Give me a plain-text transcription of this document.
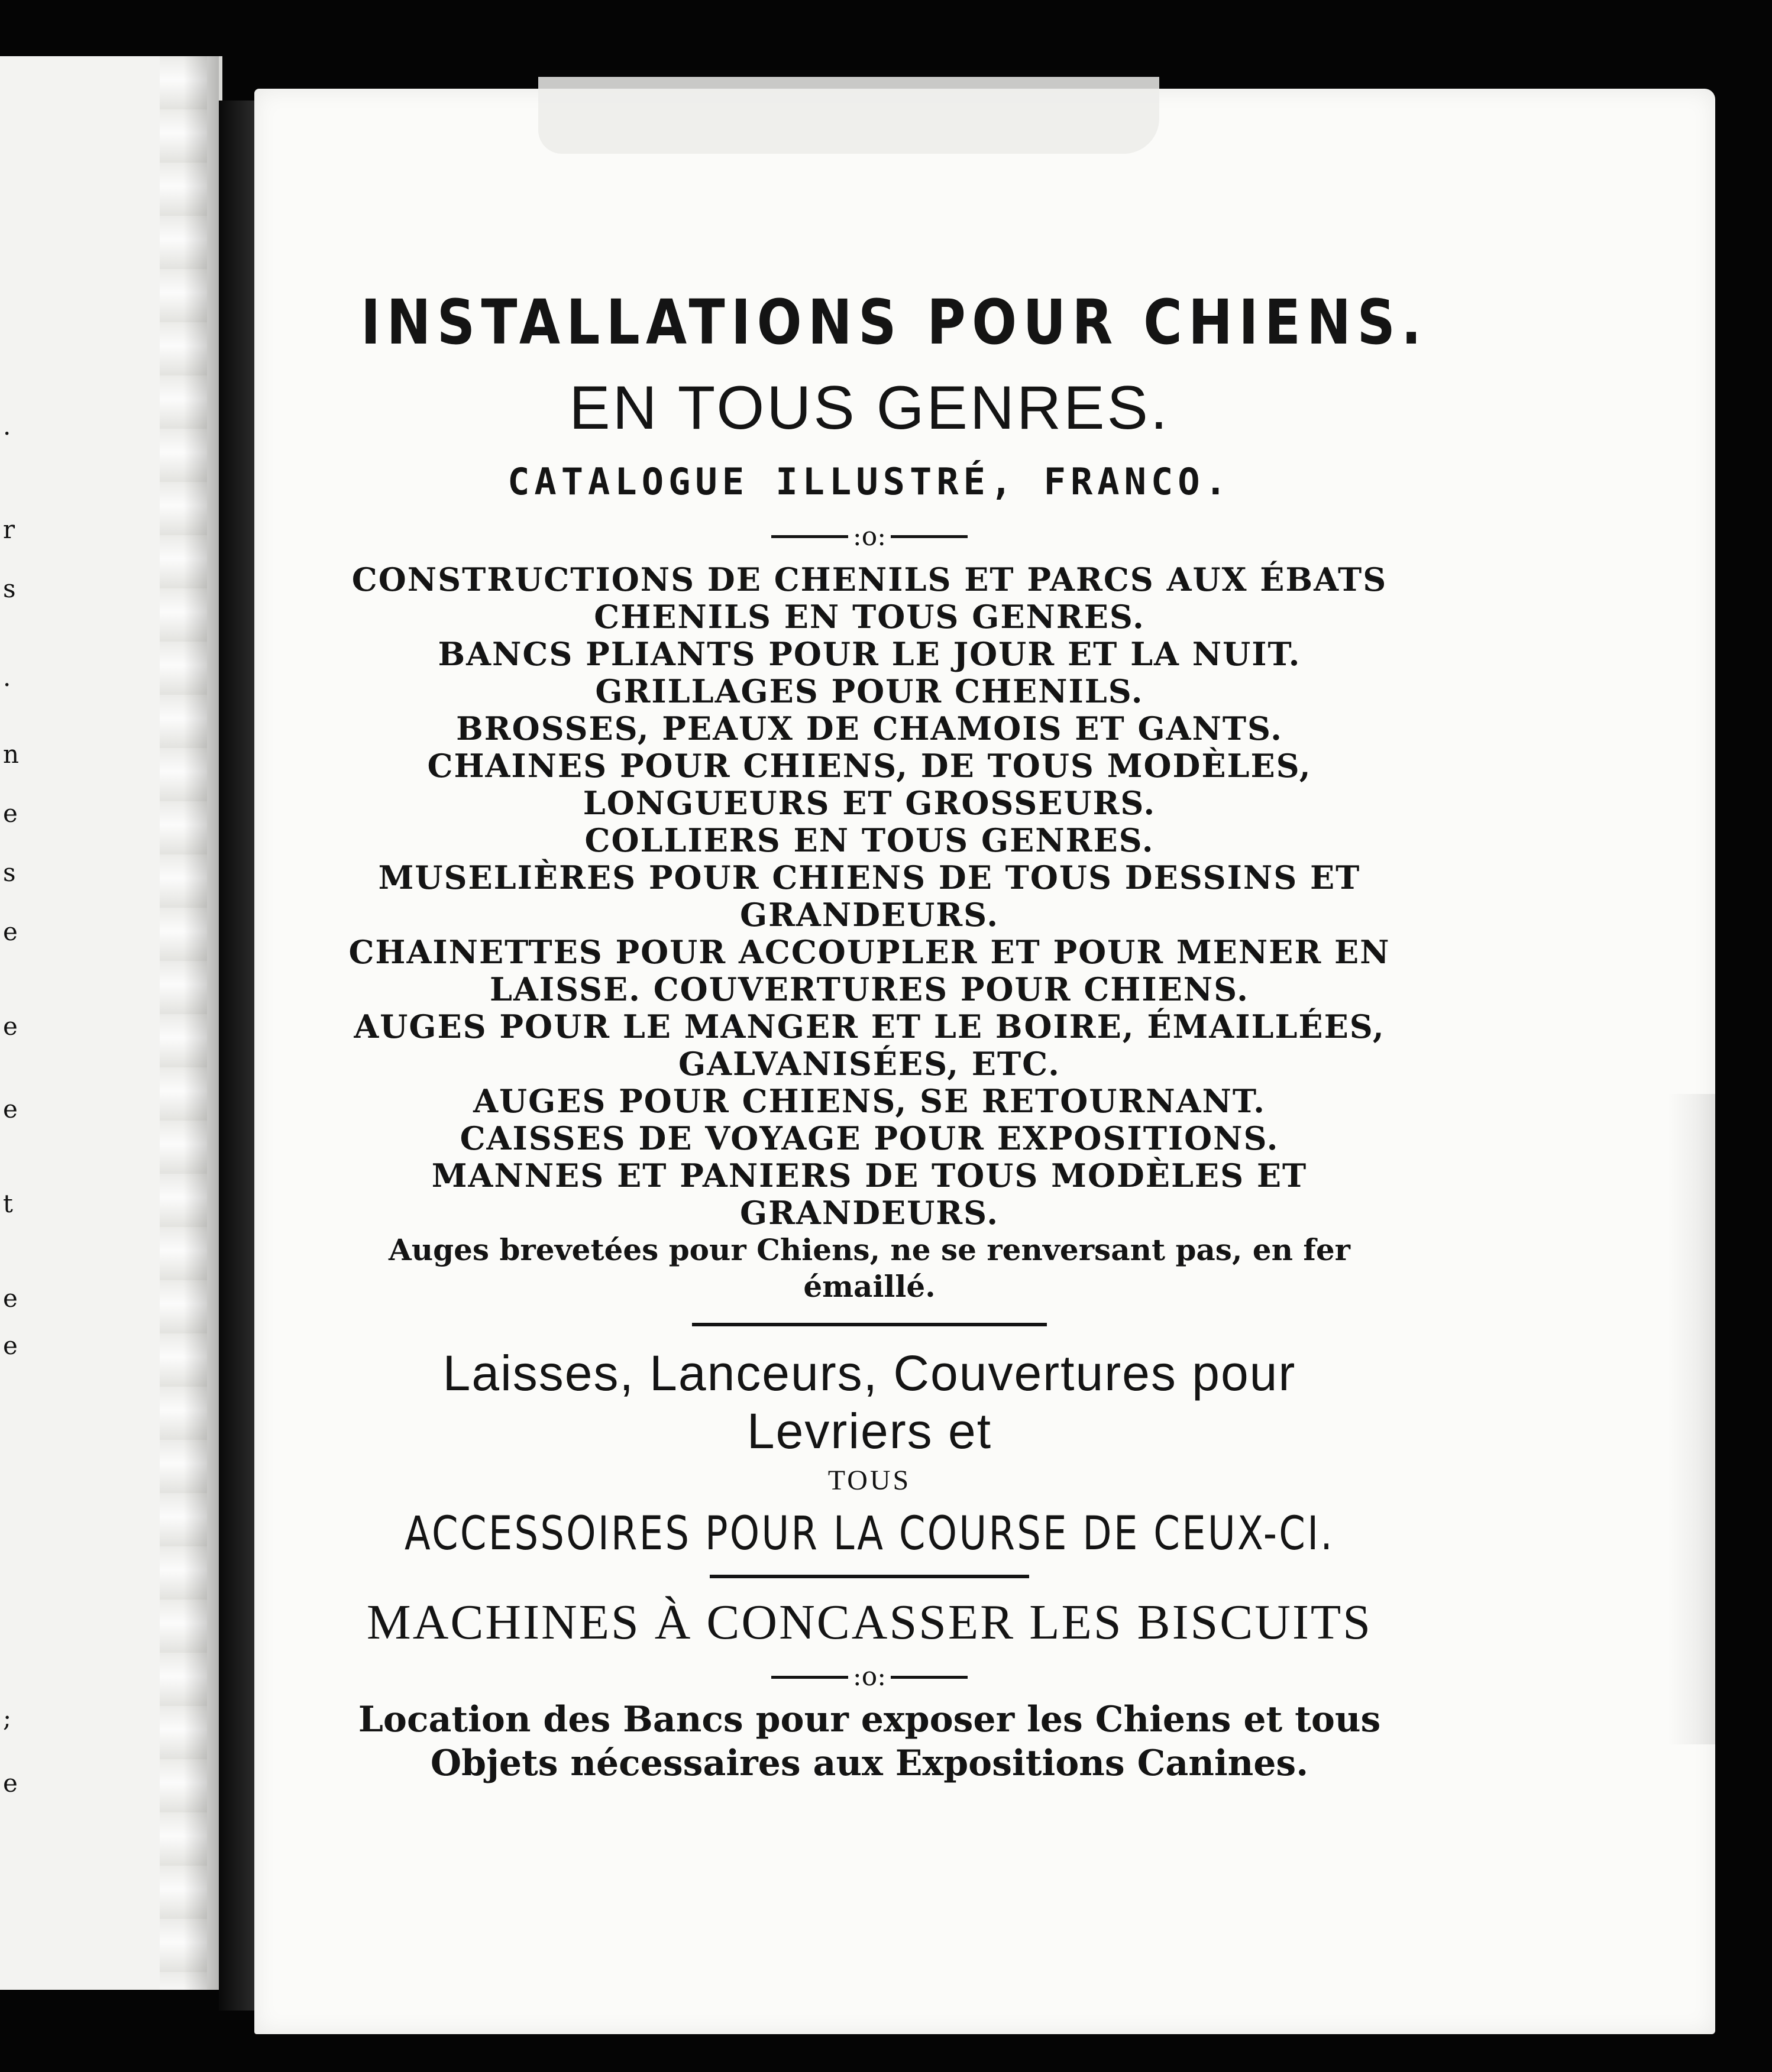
.
r
s
.
n
e
s
e
e
e
t
e
e
;
e
INSTALLATIONS POUR CHIENS.
EN TOUS GENRES.
CATALOGUE ILLUSTRÉ, FRANCO.
:o:
CONSTRUCTIONS DE CHENILS ET PARCS AUX ÉBATS
CHENILS EN TOUS GENRES.
BANCS PLIANTS POUR LE JOUR ET LA NUIT.
GRILLAGES POUR CHENILS.
BROSSES, PEAUX DE CHAMOIS ET GANTS.
CHAINES POUR CHIENS, DE TOUS MODÈLES,
LONGUEURS ET GROSSEURS.
COLLIERS EN TOUS GENRES.
MUSELIÈRES POUR CHIENS DE TOUS DESSINS ET
GRANDEURS.
CHAINETTES POUR ACCOUPLER ET POUR MENER EN
LAISSE. COUVERTURES POUR CHIENS.
AUGES POUR LE MANGER ET LE BOIRE, ÉMAILLÉES,
GALVANISÉES, ETC.
AUGES POUR CHIENS, SE RETOURNANT.
CAISSES DE VOYAGE POUR EXPOSITIONS.
MANNES ET PANIERS DE TOUS MODÈLES ET
GRANDEURS.
Auges brevetées pour Chiens, ne se renversant pas, en fer
émaillé.
Laisses, Lanceurs, Couvertures pour
Levriers et
TOUS
ACCESSOIRES POUR LA COURSE DE CEUX-CI.
MACHINES À CONCASSER LES BISCUITS
:o:
Location des Bancs pour exposer les Chiens et tous
Objets nécessaires aux Expositions Canines.
